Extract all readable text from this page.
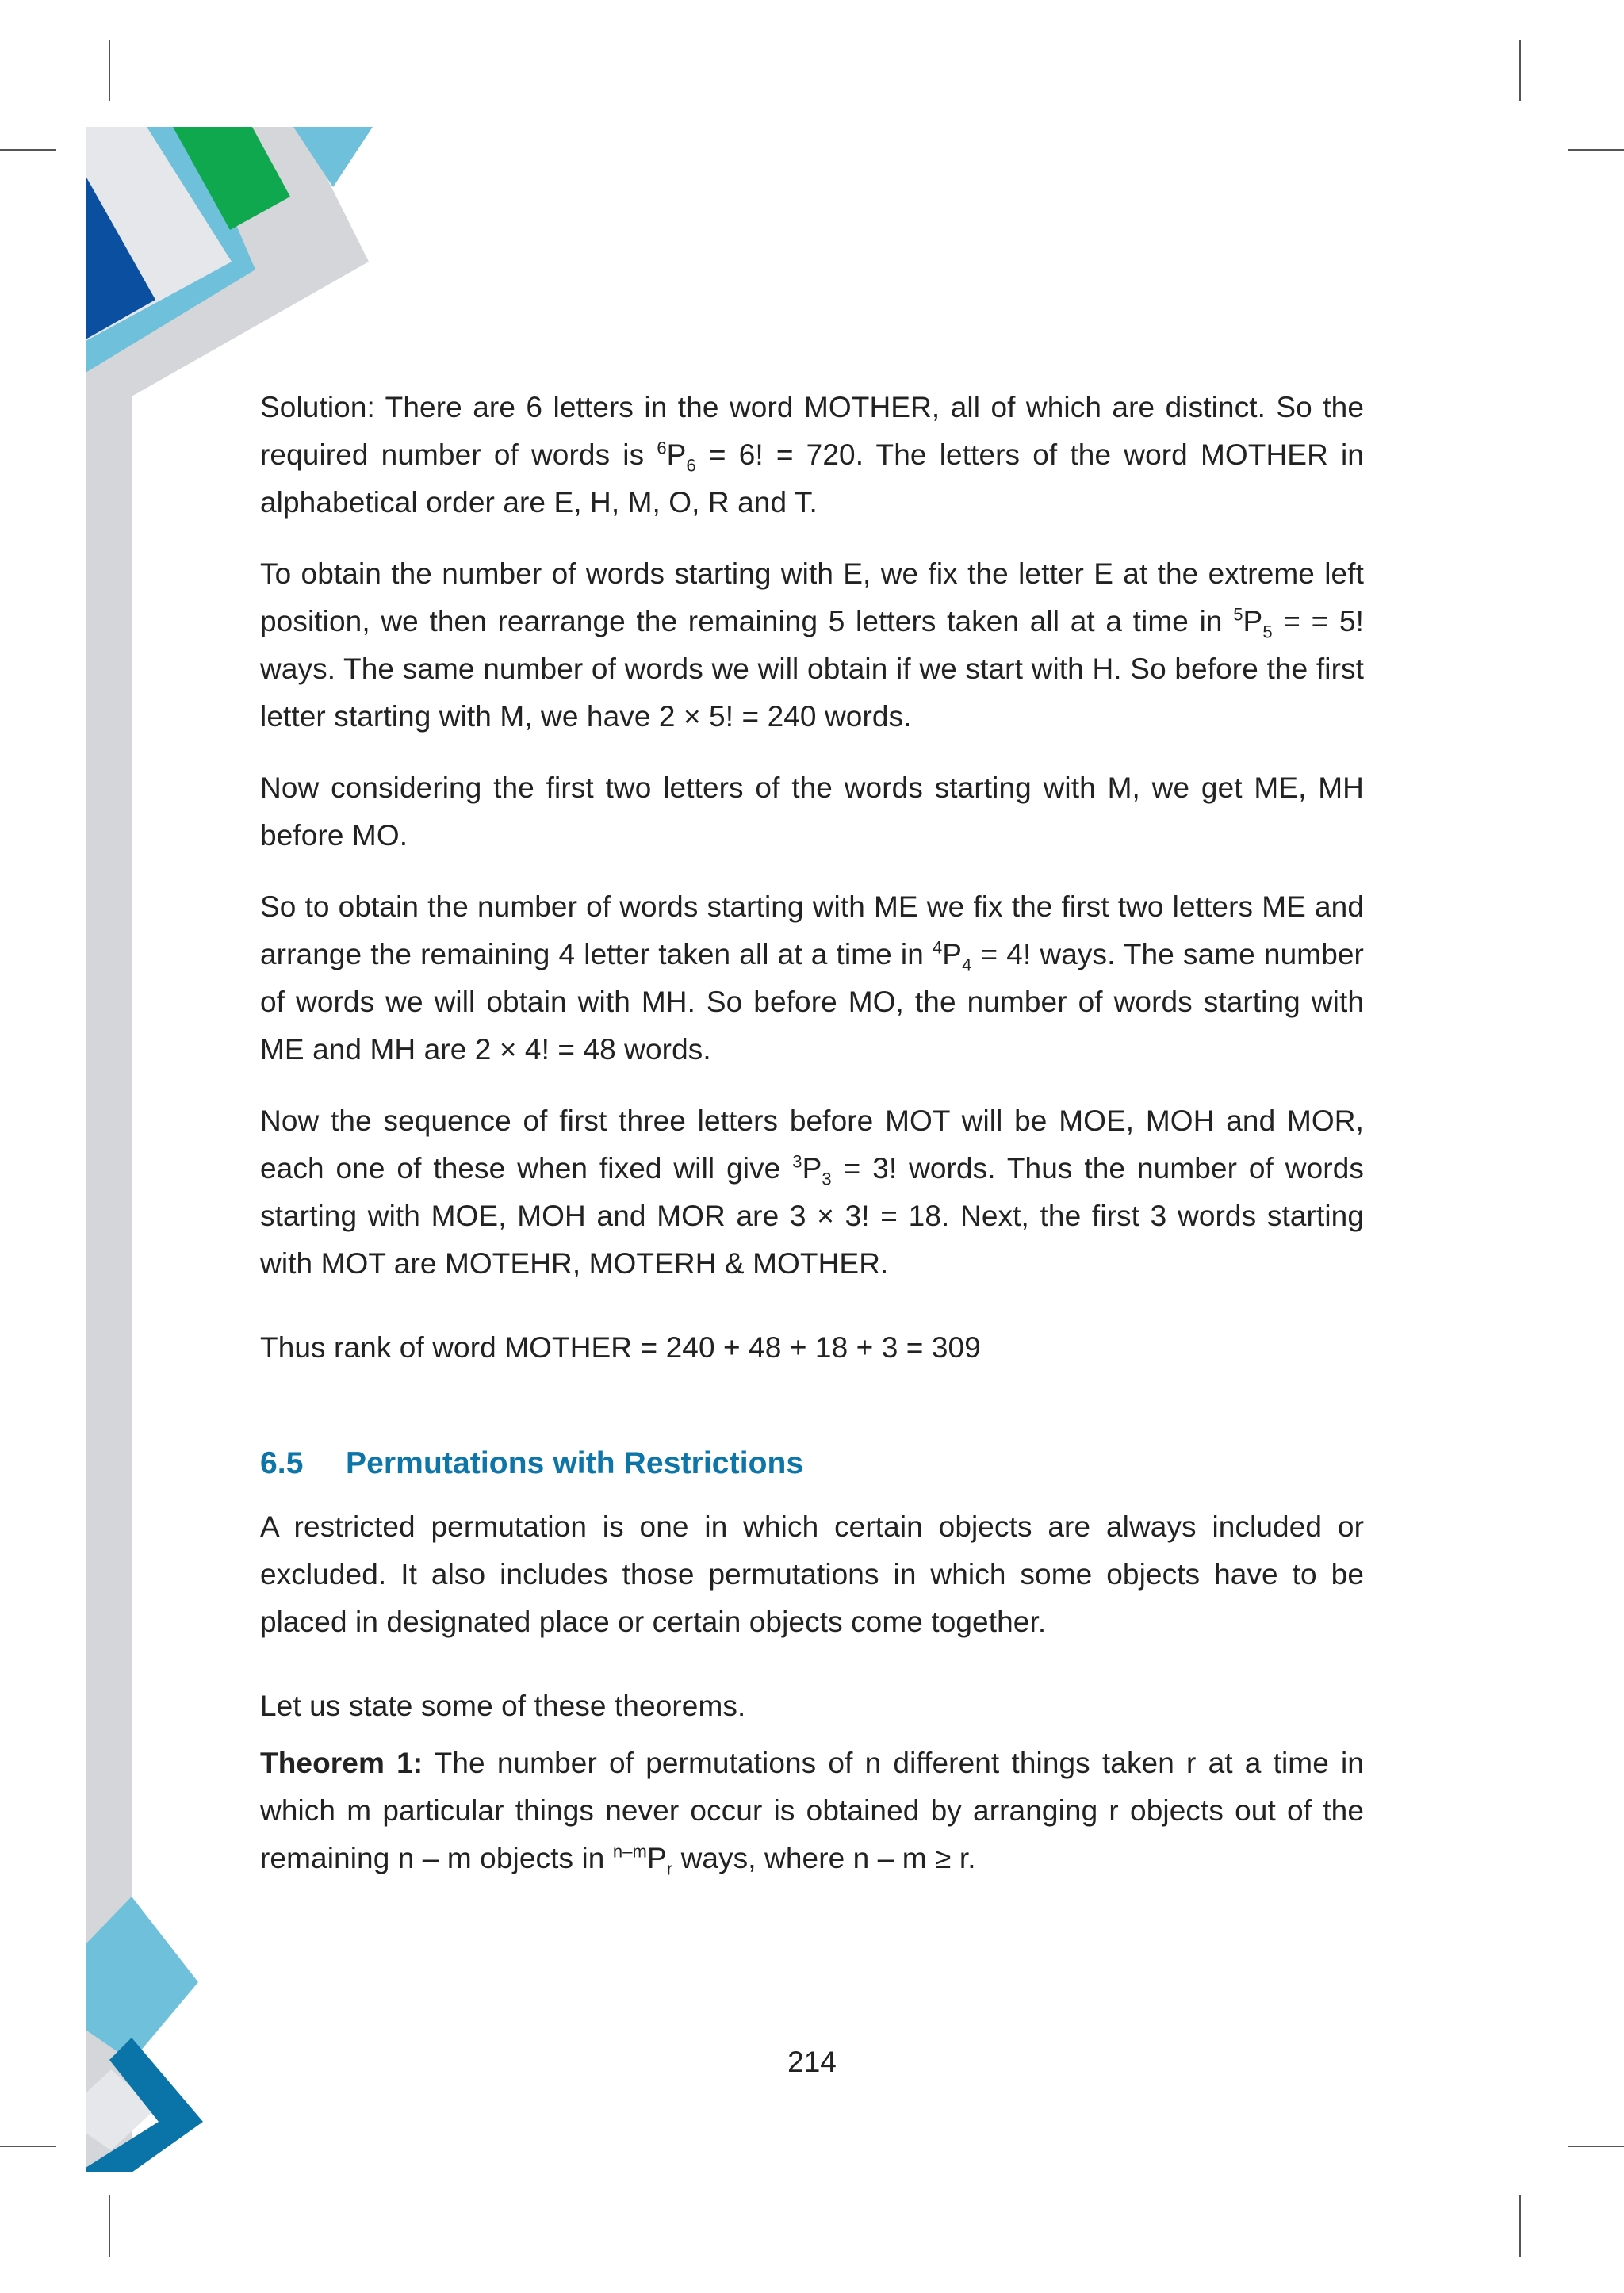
Solution: There are 6 letters in the word MOTHER, all of which are distinct. So the required number of words is $^6P_6 = 6$! = 720. The letters of the word MOTHER in alphabetical order are E, H, M, O, R and T.

To obtain the number of words starting with E, we fix the letter E at the extreme left position, we then rearrange the remaining 5 letters taken all at a time in $^5P_5$ = = 5! ways. The same number of words we will obtain if we start with H. So before the first letter starting with M, we have 2 × 5! = 240 words.

Now considering the first two letters of the words starting with M, we get ME, MH before MO.

So to obtain the number of words starting with ME we fix the first two letters ME and arrange the remaining 4 letter taken all at a time in $^4P_4 = 4$! ways. The same number of words we will obtain with MH. So before MO, the number of words starting with ME and MH are 2 × 4! = 48 words.

Now the sequence of first three letters before MOT will be MOE, MOH and MOR, each one of these when fixed will give $^3P_3 = 3$! words. Thus the number of words starting with MOE, MOH and MOR are 3 × 3! = 18. Next, the first 3 words starting with MOT are MOTEHR, MOTERH & MOTHER.

Thus rank of word MOTHER = 240 + 48 + 18 + 3 = 309

6.5 Permutations with Restrictions

A restricted permutation is one in which certain objects are always included or excluded. It also includes those permutations in which some objects have to be placed in designated place or certain objects come together.

Let us state some of these theorems.

Theorem 1: The number of permutations of n different things taken r at a time in which m particular things never occur is obtained by arranging r objects out of the remaining n – m objects in $^{n-m}P_r$ ways, where n – m ≥ r.

214
